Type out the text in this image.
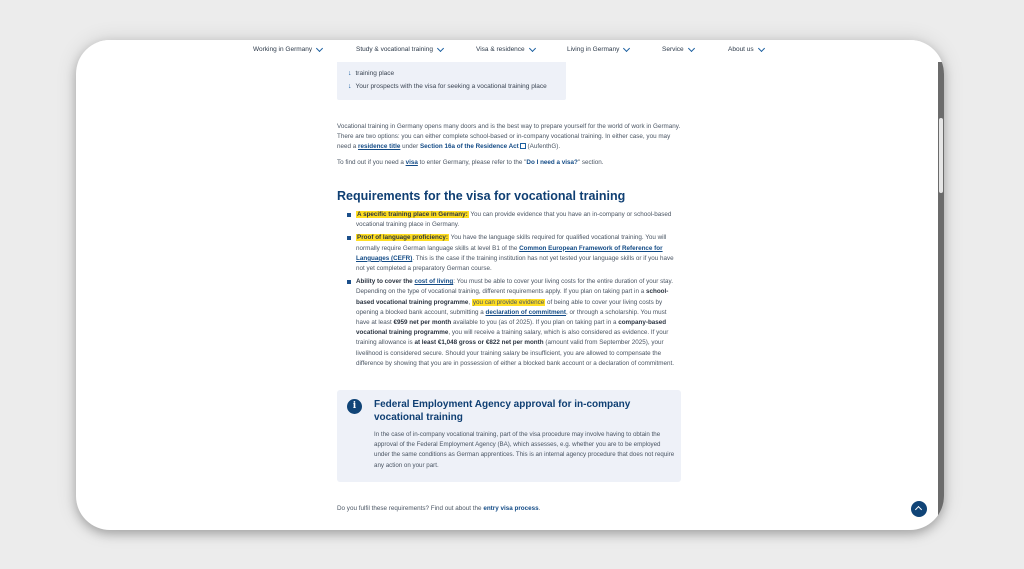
Working in Germany	Study & vocational training	Visa & residence	Living in Germany	Service	About us
↓ training place
↓ Your prospects with the visa for seeking a vocational training place

Vocational training in Germany opens many doors and is the best way to prepare yourself for the world of work in Germany. There are two options: you can either complete school-based or in-company vocational training. In either case, you may need a residence title under Section 16a of the Residence Act (AufenthG).

To find out if you need a visa to enter Germany, please refer to the "Do I need a visa?" section.

Requirements for the visa for vocational training
A specific training place in Germany: You can provide evidence that you have an in-company or school-based vocational training place in Germany.
Proof of language proficiency: You have the language skills required for qualified vocational training. You will normally require German language skills at level B1 of the Common European Framework of Reference for Languages (CEFR). This is the case if the training institution has not yet tested your language skills or if you have not yet completed a preparatory German course.
Ability to cover the cost of living: You must be able to cover your living costs for the entire duration of your stay. Depending on the type of vocational training, different requirements apply. If you plan on taking part in a school-based vocational training programme, you can provide evidence of being able to cover your living costs by opening a blocked bank account, submitting a declaration of commitment, or through a scholarship. You must have at least €959 net per month available to you (as of 2025). If you plan on taking part in a company-based vocational training programme, you will receive a training salary, which is also considered as evidence. If your training allowance is at least €1,048 gross or €822 net per month (amount valid from September 2025), your livelihood is considered secure. Should your training salary be insufficient, you are allowed to compensate the difference by showing that you are in possession of either a blocked bank account or a declaration of commitment.
i	Federal Employment Agency approval for in-company vocational training
In the case of in-company vocational training, part of the visa procedure may involve having to obtain the approval of the Federal Employment Agency (BA), which assesses, e.g. whether you are to be employed under the same conditions as German apprentices. This is an internal agency procedure that does not require any action on your part.

Do you fulfil these requirements? Find out about the entry visa process.
